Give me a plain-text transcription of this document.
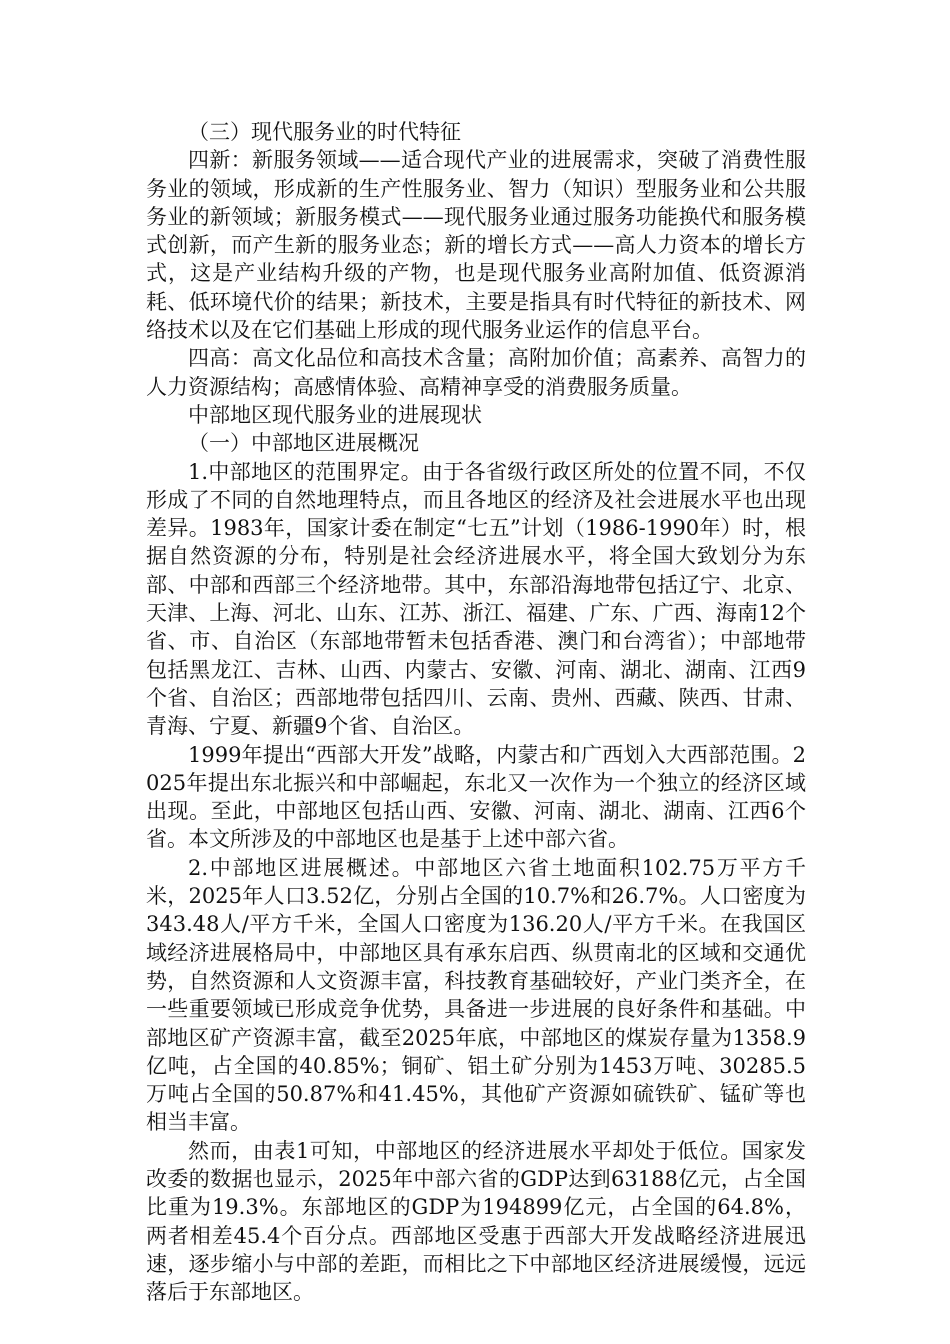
（三）现代服务业的时代特征

四新：新服务领域——适合现代产业的进展需求，突破了消费性服务业的领域，形成新的生产性服务业、智力（知识）型服务业和公共服务业的新领域；新服务模式——现代服务业通过服务功能换代和服务模式创新，而产生新的服务业态；新的增长方式——高人力资本的增长方式，这是产业结构升级的产物，也是现代服务业高附加值、低资源消耗、低环境代价的结果；新技术，主要是指具有时代特征的新技术、网络技术以及在它们基础上形成的现代服务业运作的信息平台。

四高：高文化品位和高技术含量；高附加价值；高素养、高智力的人力资源结构；高感情体验、高精神享受的消费服务质量。

中部地区现代服务业的进展现状

（一）中部地区进展概况

1.中部地区的范围界定。由于各省级行政区所处的位置不同，不仅形成了不同的自然地理特点，而且各地区的经济及社会进展水平也出现差异。1983年，国家计委在制定“七五”计划（1986-1990年）时，根据自然资源的分布，特别是社会经济进展水平，将全国大致划分为东部、中部和西部三个经济地带。其中，东部沿海地带包括辽宁、北京、天津、上海、河北、山东、江苏、浙江、福建、广东、广西、海南12个省、市、自治区（东部地带暂未包括香港、澳门和台湾省）；中部地带包括黑龙江、吉林、山西、内蒙古、安徽、河南、湖北、湖南、江西9个省、自治区；西部地带包括四川、云南、贵州、西藏、陕西、甘肃、青海、宁夏、新疆9个省、自治区。

1999年提出“西部大开发”战略，内蒙古和广西划入大西部范围。2025年提出东北振兴和中部崛起，东北又一次作为一个独立的经济区域出现。至此，中部地区包括山西、安徽、河南、湖北、湖南、江西6个省。本文所涉及的中部地区也是基于上述中部六省。

2.中部地区进展概述。中部地区六省土地面积102.75万平方千米，2025年人口3.52亿，分别占全国的10.7%和26.7%。人口密度为343.48人/平方千米，全国人口密度为136.20人/平方千米。在我国区域经济进展格局中，中部地区具有承东启西、纵贯南北的区域和交通优势，自然资源和人文资源丰富，科技教育基础较好，产业门类齐全，在一些重要领域已形成竞争优势，具备进一步进展的良好条件和基础。中部地区矿产资源丰富，截至2025年底，中部地区的煤炭存量为1358.9亿吨，占全国的40.85%；铜矿、铝土矿分别为1453万吨、30285.5万吨占全国的50.87%和41.45%，其他矿产资源如硫铁矿、锰矿等也相当丰富。

然而，由表1可知，中部地区的经济进展水平却处于低位。国家发改委的数据也显示，2025年中部六省的GDP达到63188亿元，占全国比重为19.3%。东部地区的GDP为194899亿元，占全国的64.8%，两者相差45.4个百分点。西部地区受惠于西部大开发战略经济进展迅速，逐步缩小与中部的差距，而相比之下中部地区经济进展缓慢，远远落后于东部地区。
